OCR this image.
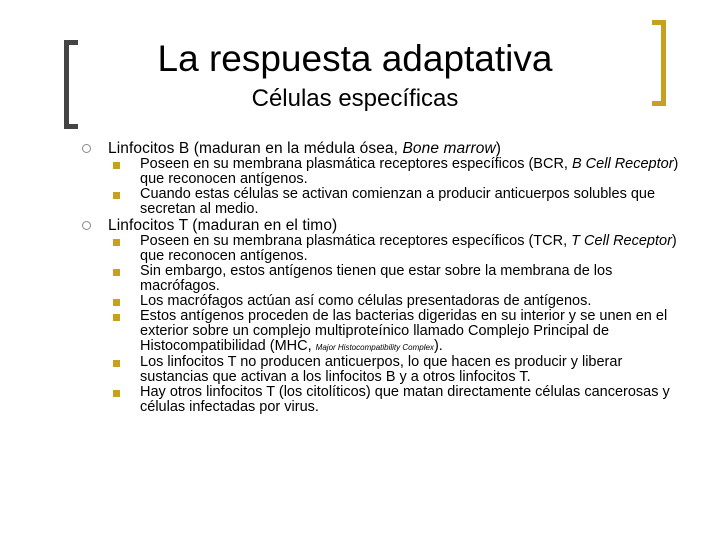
La respuesta adaptativa
Células específicas
Linfocitos B (maduran en la médula ósea, Bone marrow)
Poseen en su membrana plasmática receptores específicos (BCR, B Cell Receptor) que reconocen antígenos.
Cuando estas células se activan comienzan a producir anticuerpos solubles que secretan al medio.
Linfocitos T (maduran en el timo)
Poseen en su membrana plasmática receptores específicos (TCR, T Cell Receptor) que reconocen antígenos.
Sin embargo, estos antígenos tienen que estar sobre la membrana de los macrófagos.
Los macrófagos actúan así como células presentadoras de antígenos.
Estos antígenos proceden de las bacterias digeridas en su interior y se unen en el exterior sobre un complejo multiproteínico llamado Complejo Principal de Histocompatibilidad (MHC, Major Histocompatibility Complex).
Los linfocitos T no producen anticuerpos, lo que hacen es producir y liberar sustancias que activan a los linfocitos B y a otros linfocitos T.
Hay otros linfocitos T (los citolíticos) que matan directamente células cancerosas y células infectadas por virus.
